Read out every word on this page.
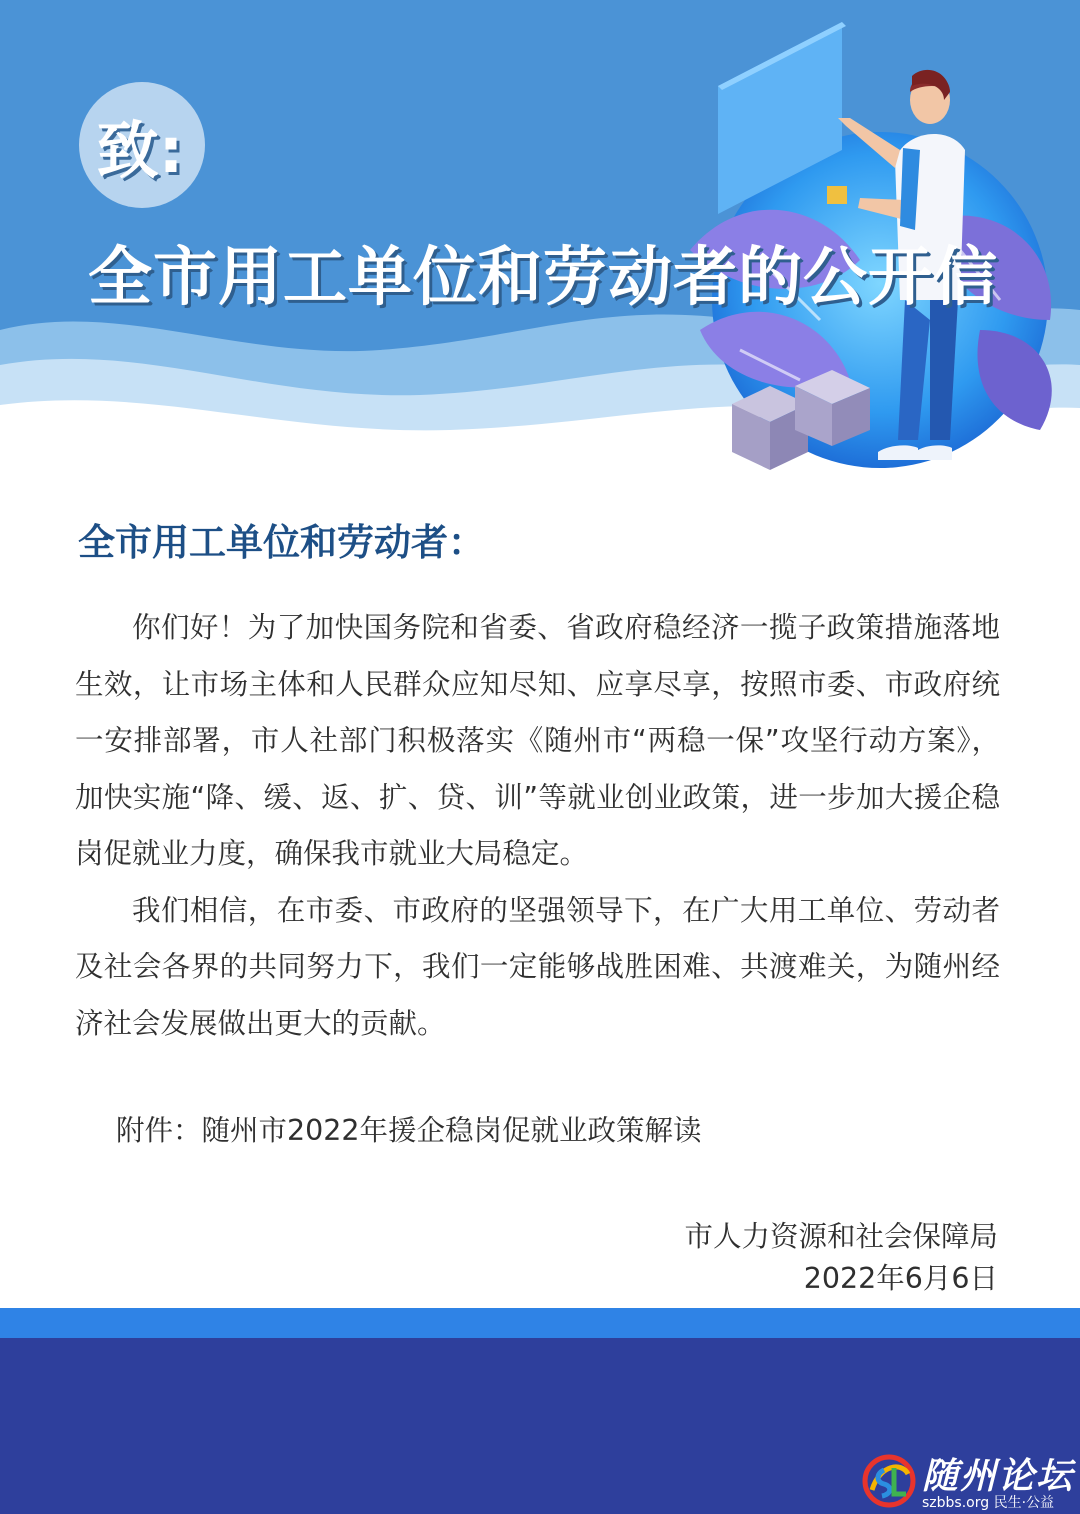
致:
全市用工单位和劳动者的公开信
全市用工单位和劳动者：

你们好！为了加快国务院和省委、省政府稳经济一揽子政策措施落地生效，让市场主体和人民群众应知尽知、应享尽享，按照市委、市政府统一安排部署，市人社部门积极落实《随州市“两稳一保”攻坚行动方案》，加快实施“降、缓、返、扩、贷、训”等就业创业政策，进一步加大援企稳岗促就业力度，确保我市就业大局稳定。

我们相信，在市委、市政府的坚强领导下，在广大用工单位、劳动者及社会各界的共同努力下，我们一定能够战胜困难、共渡难关，为随州经济社会发展做出更大的贡献。

附件：随州市2022年援企稳岗促就业政策解读
市人力资源和社会保障局
2022年6月6日
随州论坛
szbbs.org 民生·公益
